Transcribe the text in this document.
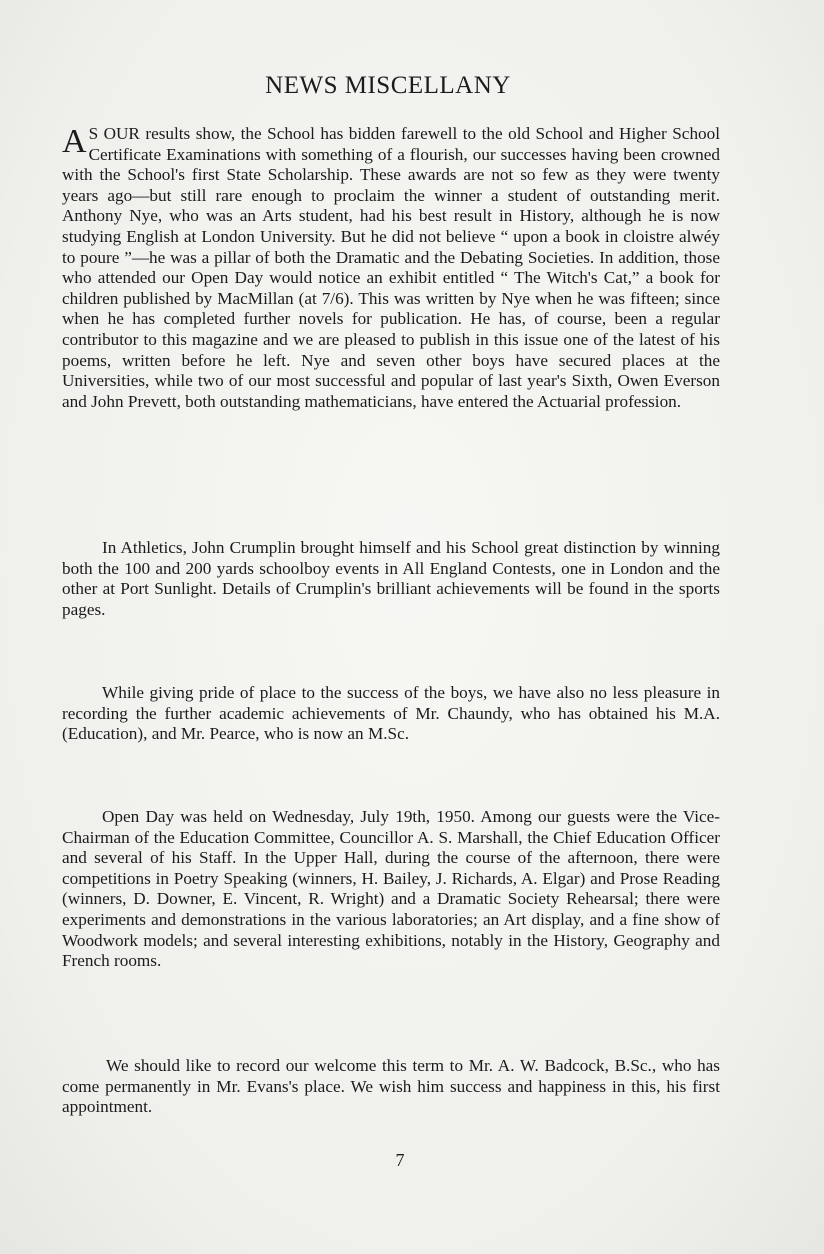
NEWS MISCELLANY

A S OUR results show, the School has bidden farewell to the old School and Higher School Certificate Examinations with something of a flourish, our successes having been crowned with the School's first State Scholarship. These awards are not so few as they were twenty years ago—but still rare enough to proclaim the winner a student of outstanding merit. Anthony Nye, who was an Arts student, had his best result in History, although he is now studying English at London University. But he did not believe “ upon a book in cloistre alwéy to poure ”—he was a pillar of both the Dramatic and the Debating Societies. In addition, those who attended our Open Day would notice an exhibit entitled “ The Witch's Cat,” a book for children published by MacMillan (at 7/6). This was written by Nye when he was fifteen; since when he has completed further novels for publication. He has, of course, been a regular contributor to this magazine and we are pleased to publish in this issue one of the latest of his poems, written before he left. Nye and seven other boys have secured places at the Universities, while two of our most successful and popular of last year's Sixth, Owen Everson and John Prevett, both outstanding mathematicians, have entered the Actuarial profession.

In Athletics, John Crumplin brought himself and his School great distinction by winning both the 100 and 200 yards schoolboy events in All England Contests, one in London and the other at Port Sunlight. Details of Crumplin's brilliant achievements will be found in the sports pages.

While giving pride of place to the success of the boys, we have also no less pleasure in recording the further academic achievements of Mr. Chaundy, who has obtained his M.A. (Education), and Mr. Pearce, who is now an M.Sc.

Open Day was held on Wednesday, July 19th, 1950. Among our guests were the Vice-Chairman of the Education Committee, Councillor A. S. Marshall, the Chief Education Officer and several of his Staff. In the Upper Hall, during the course of the afternoon, there were competitions in Poetry Speaking (winners, H. Bailey, J. Richards, A. Elgar) and Prose Reading (winners, D. Downer, E. Vincent, R. Wright) and a Dramatic Society Rehearsal; there were experiments and demonstrations in the various laboratories; an Art display, and a fine show of Woodwork models; and several interesting exhibitions, notably in the History, Geography and French rooms.

We should like to record our welcome this term to Mr. A. W. Badcock, B.Sc., who has come permanently in Mr. Evans's place. We wish him success and happiness in this, his first appointment.

7
